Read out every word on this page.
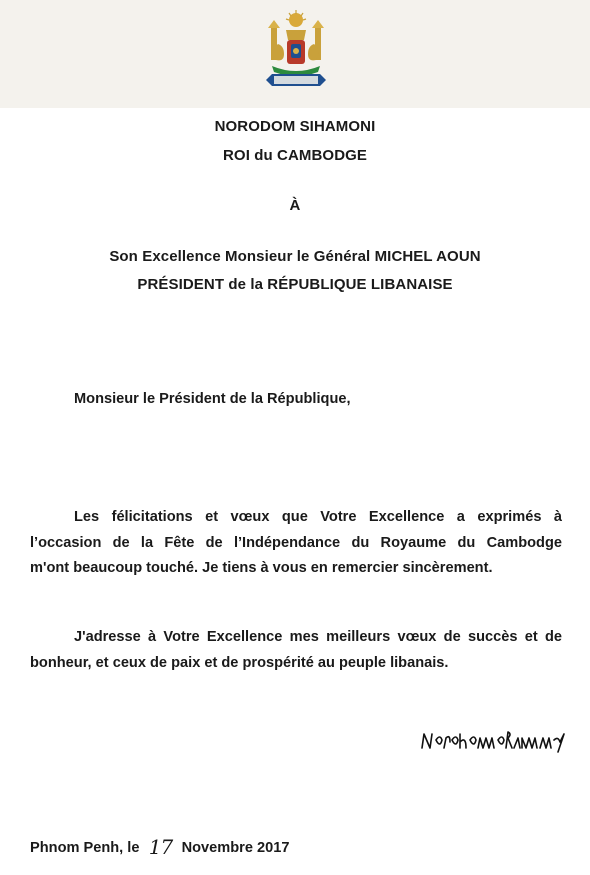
NORODOM SIHAMONI
ROI du CAMBODGE
À
Son Excellence Monsieur le Général MICHEL AOUN
PRÉSIDENT de la RÉPUBLIQUE LIBANAISE
Monsieur le Président de la République,
Les félicitations et vœux que Votre Excellence a exprimés à
l’occasion de la Fête de l’Indépendance du Royaume du Cambodge
m'ont beaucoup touché. Je tiens à vous en remercier sincèrement.
J'adresse à Votre Excellence mes meilleurs vœux de succès et de
bonheur, et ceux de paix et de prospérité au peuple libanais.
Phnom Penh, le 17 Novembre 2017
